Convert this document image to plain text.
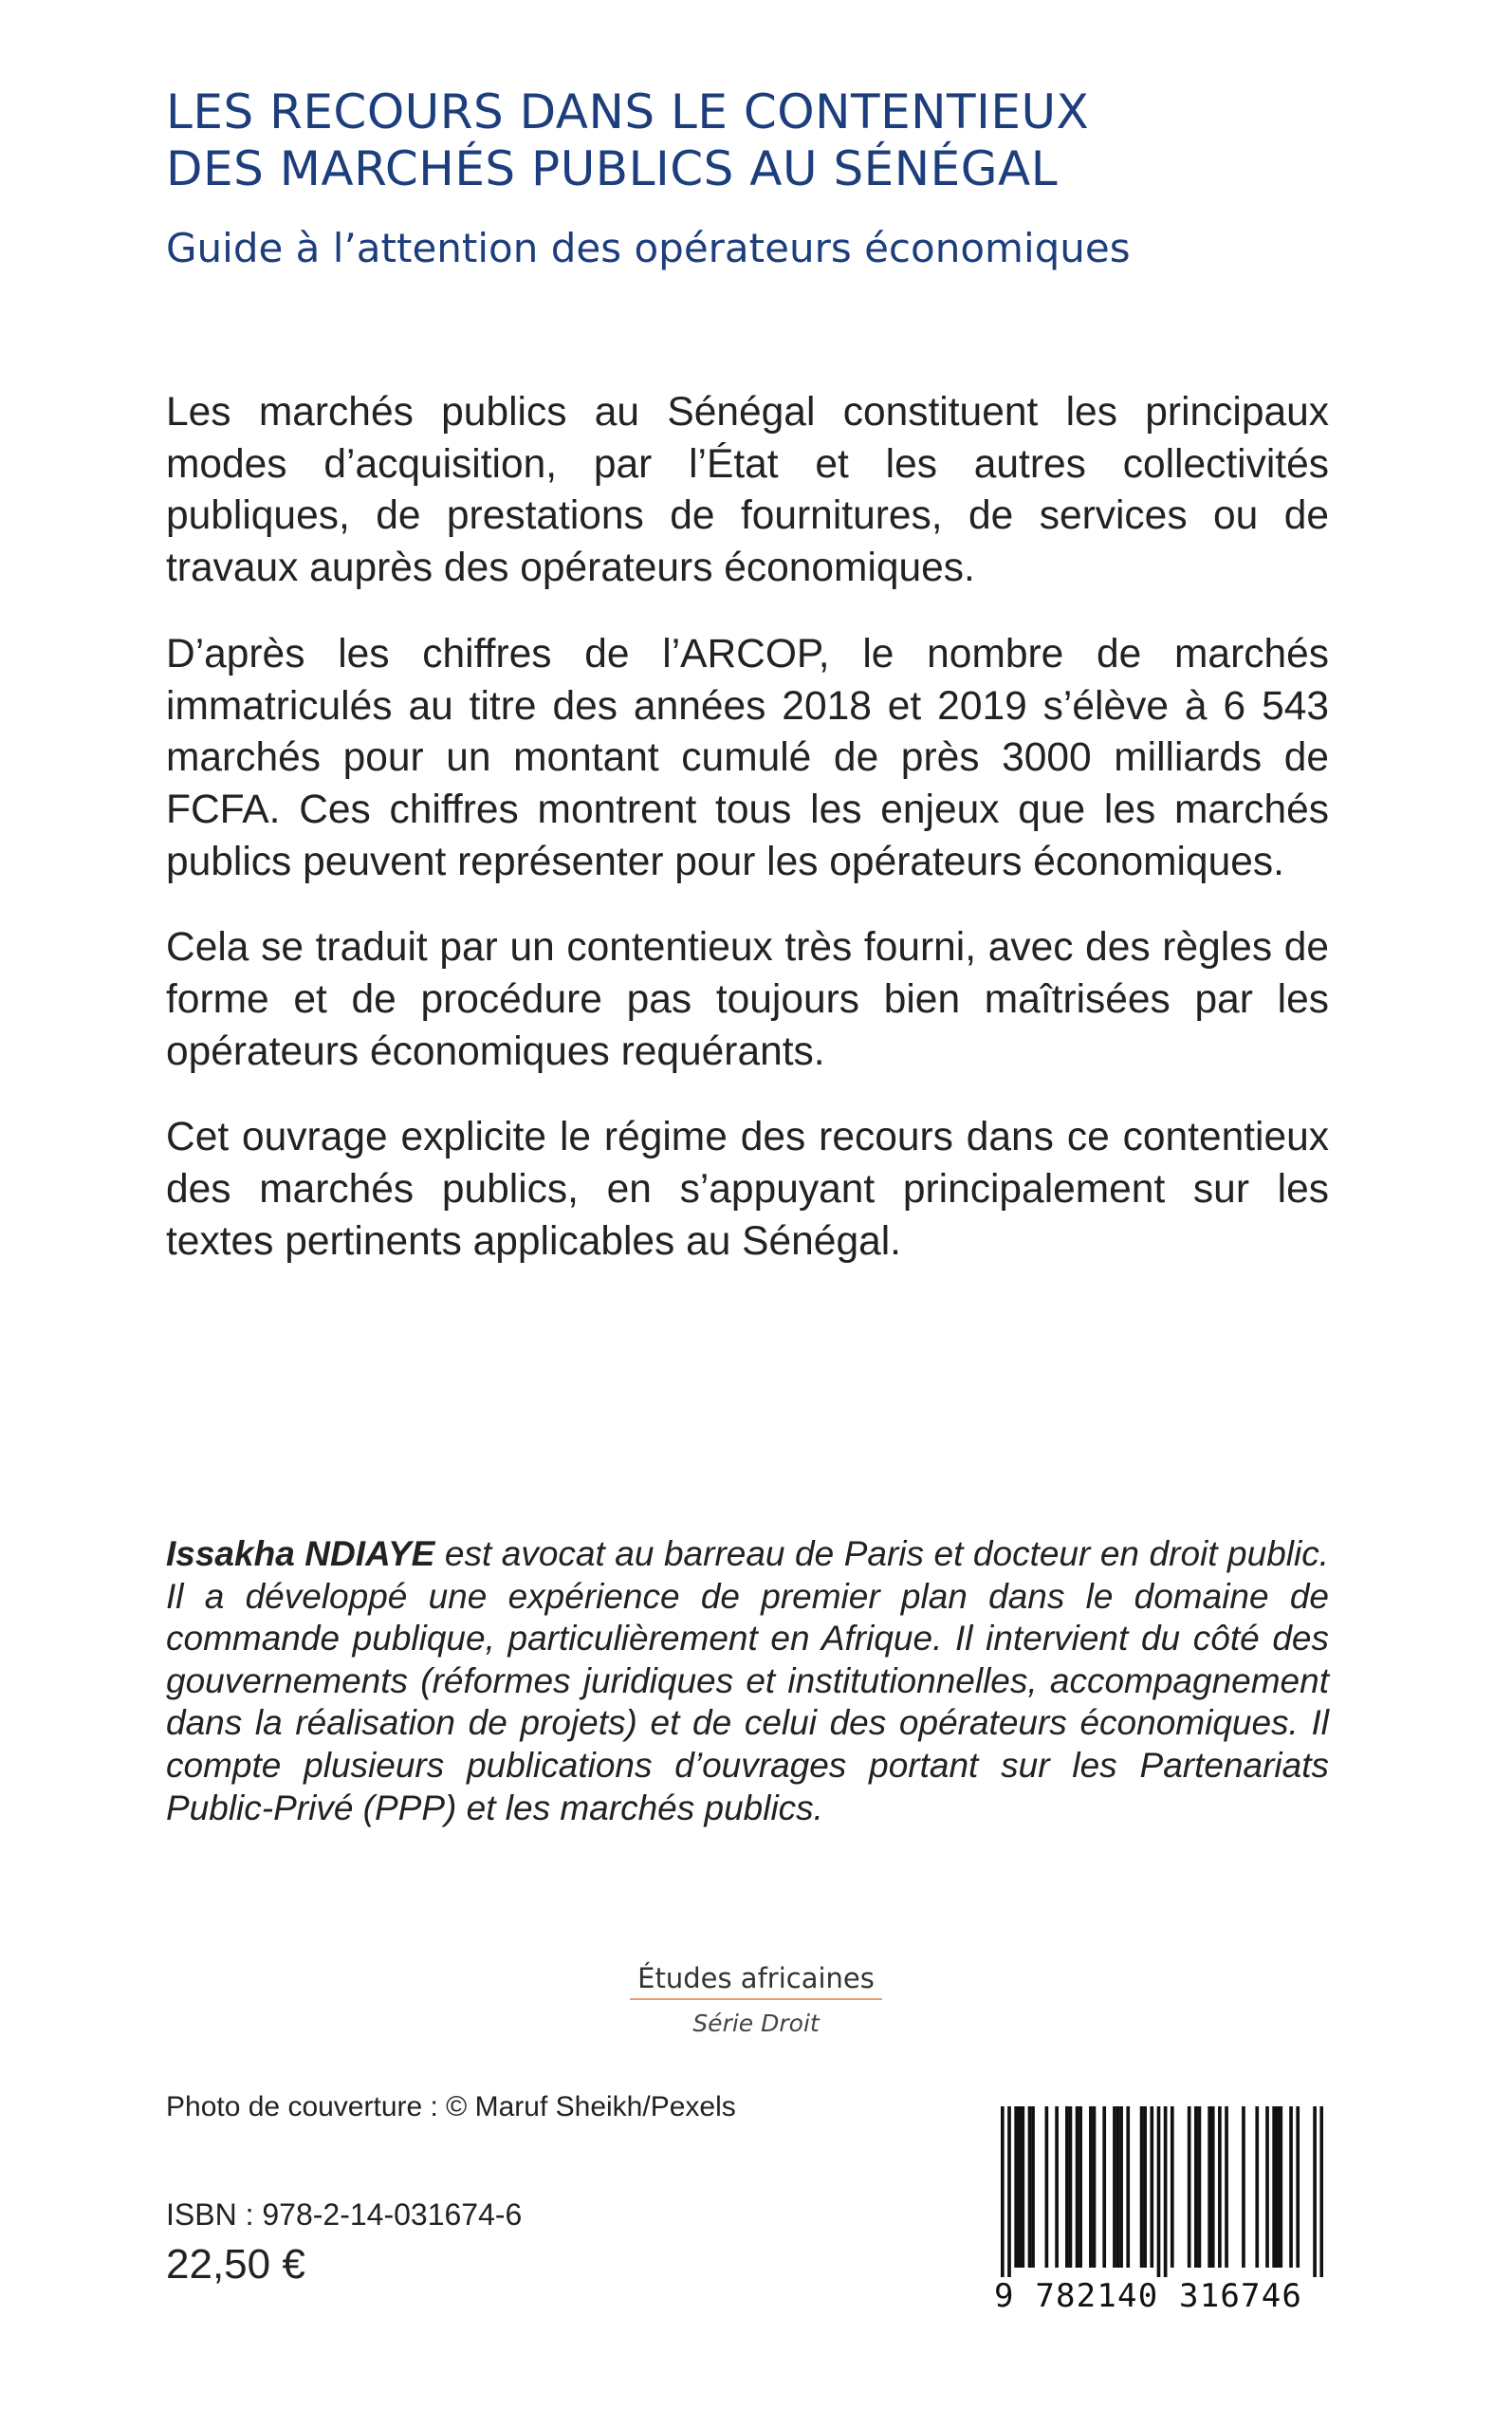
LES RECOURS DANS LE CONTENTIEUX
DES MARCHÉS PUBLICS AU SÉNÉGAL
Guide à l’attention des opérateurs économiques

Les marchés publics au Sénégal constituent les principaux modes d’acquisition, par l’État et les autres collectivités publiques, de prestations de fournitures, de services ou de travaux auprès des opérateurs économiques.

D’après les chiffres de l’ARCOP, le nombre de marchés immatriculés au titre des années 2018 et 2019 s’élève à 6 543 marchés pour un montant cumulé de près 3000 milliards de FCFA. Ces chiffres montrent tous les enjeux que les marchés publics peuvent représenter pour les opérateurs économiques.

Cela se traduit par un contentieux très fourni, avec des règles de forme et de procédure pas toujours bien maîtrisées par les opérateurs économiques requérants.

Cet ouvrage explicite le régime des recours dans ce contentieux des marchés publics, en s’appuyant principalement sur les textes pertinents applicables au Sénégal.

Issakha NDIAYE est avocat au barreau de Paris et docteur en droit public. Il a développé une expérience de premier plan dans le domaine de commande publique, particulièrement en Afrique. Il intervient du côté des gouvernements (réformes juridiques et institutionnelles, accompagnement dans la réalisation de projets) et de celui des opérateurs économiques. Il compte plusieurs publications d’ouvrages portant sur les Partenariats Public-Privé (PPP) et les marchés publics.
Études africaines
Série Droit
Photo de couverture : © Maruf Sheikh/Pexels
ISBN : 978-2-14-031674-6
22,50 €
9 782140 316746
